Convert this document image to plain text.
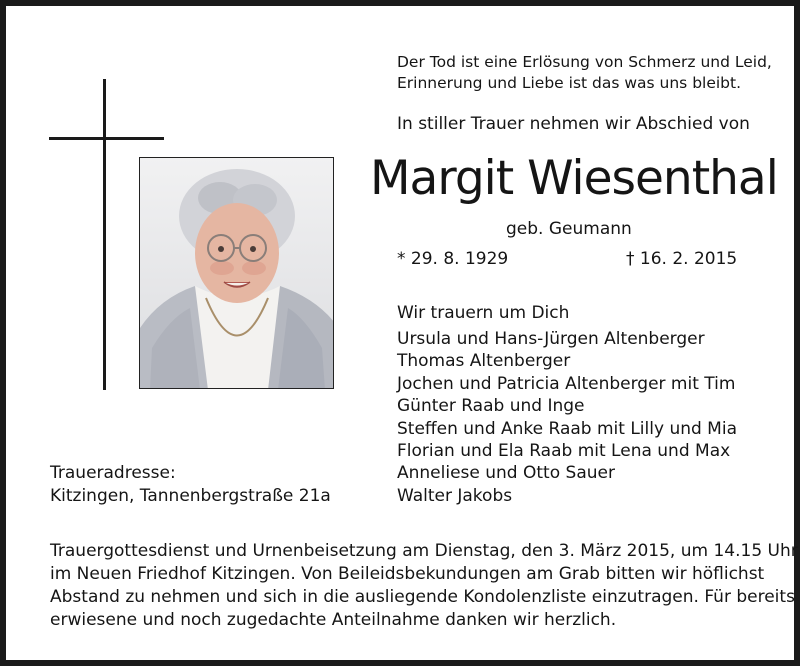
Der Tod ist eine Erlösung von Schmerz und Leid,
Erinnerung und Liebe ist das was uns bleibt.
In stiller Trauer nehmen wir Abschied von
Margit Wiesenthal
geb. Geumann
* 29. 8. 1929	† 16. 2. 2015
Wir trauern um Dich
Ursula und Hans-Jürgen Altenberger
Thomas Altenberger
Jochen und Patricia Altenberger mit Tim
Günter Raab und Inge
Steffen und Anke Raab mit Lilly und Mia
Florian und Ela Raab mit Lena und Max
Anneliese und Otto Sauer
Walter Jakobs
Traueradresse:
Kitzingen, Tannenbergstraße 21a
Trauergottesdienst und Urnenbeisetzung am Dienstag, den 3. März 2015, um 14.15 Uhr
im Neuen Friedhof Kitzingen. Von Beileidsbekundungen am Grab bitten wir höflichst
Abstand zu nehmen und sich in die ausliegende Kondolenzliste einzutragen. Für bereits
erwiesene und noch zugedachte Anteilnahme danken wir herzlich.
